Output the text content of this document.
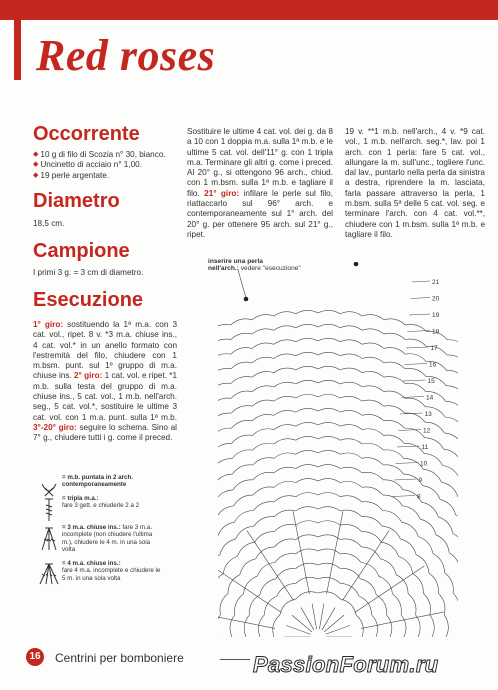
Red roses
Occorrente
◆ 10 g di filo di Scozia n° 30, bianco.
◆ Uncinetto di acciaio n° 1,00.
◆ 19 perle argentate.
Diametro
18,5 cm.
Campione
I primi 3 g. = 3 cm di diametro.
Esecuzione
1° giro: sostituendo la 1ª m.a. con 3 cat. vol., ripet. 8 v. *3 m.a. chiuse ins., 4 cat. vol.* in un anello formato con l'estremità del filo, chiudere con 1 m.bsm. punt. sul 1º gruppo di m.a. chiuse ins. 2° giro: 1 cat. vol. e ripet. *1 m.b. sulla testa del gruppo di m.a. chiuse ins., 5 cat. vol., 1 m.b. nell'arch. seg., 5 cat. vol.*, sostituire le ultime 3 cat. vol. con 1 m.a. punt. sulla 1ª m.b. 3°-20° giro: seguire lo schema. Sino al 7° g., chiudere tutti i g. come il preced.
Sostituire le ultime 4 cat. vol. dei g. da 8 a 10 con 1 doppia m.a. sulla 1ª m.b. e le ultime 5 cat. vol. dell'11° g. con 1 tripla m.a. Terminare gli altri g. come i preced. Al 20° g., si ottengono 96 arch., chiud. con 1 m.bsm. sulla 1ª m.b. e tagliare il filo. 21° giro: infilare le perle sul filo, riattaccarlo sul 96° arch. e contemporaneamente sul 1° arch. del 20° g. per ottenere 95 arch. sul 21° g., ripet.
19 v. **1 m.b. nell'arch., 4 v. *9 cat. vol., 1 m.b. nell'arch. seg.*, lav. poi 1 arch. con 1 perla: fare 5 cat. vol., allungare la m. sull'unc., togliere l'unc. dal lav., puntarlo nella perla da sinistra a destra, riprendere la m. lasciata, farla passare attraverso la perla, 1 m.bsm. sulla 5ª delle 5 cat. vol. seg. e terminare l'arch. con 4 cat. vol.**, chiudere con 1 m.bsm. sulla 1ª m.b. e tagliare il filo.
inserire una perla
nell'arch.: vedere "esecuzione"
21
20
19
18
17
16
15
14
13
12
11
10
9
8
= m.b. puntata in 2 arch.
contemporaneamente
= tripla m.a.:
fare 3 gett. e chiuderle 2 a 2
= 3 m.a. chiuse ins.: fare 3 m.a. incomplete (non chiudere l'ultima m.), chiudere le 4 m. in una sola volta
= 4 m.a. chiuse ins.:
fare 4 m.a. incomplete e chiudere le 5 m. in una sola volta
16 Centrini per bomboniere	PassionForum.ru
